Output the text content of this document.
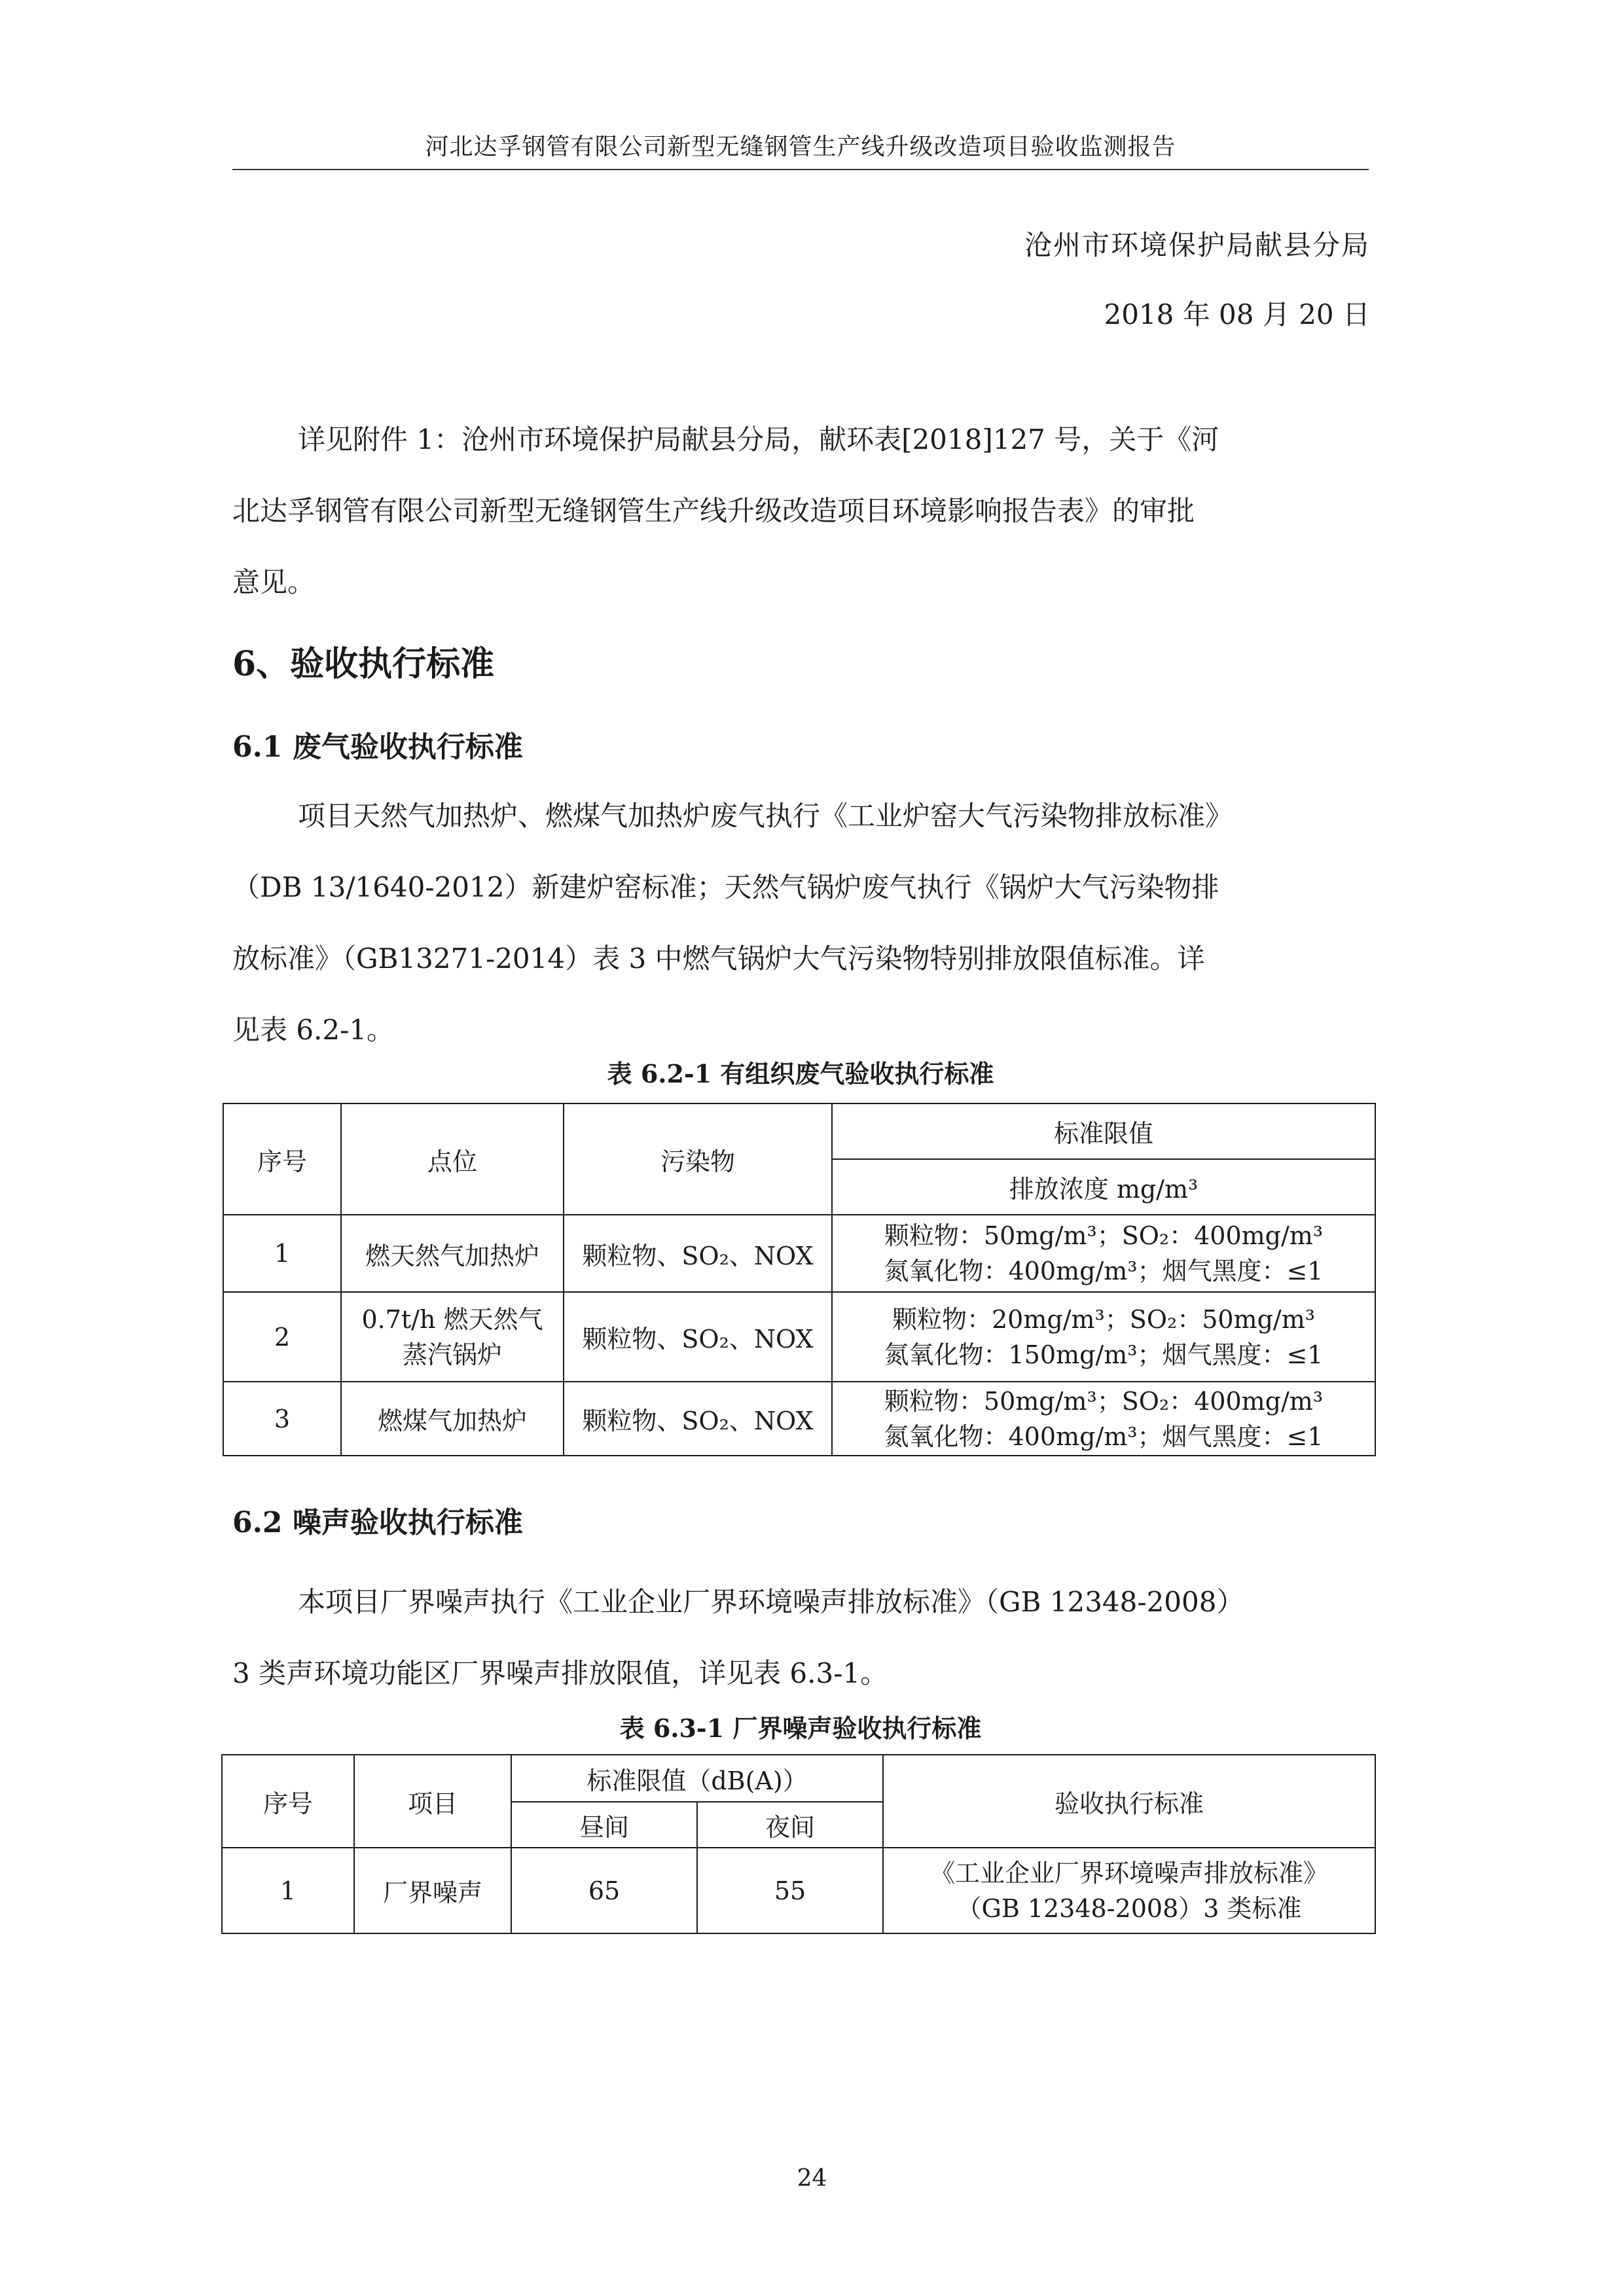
河北达孚钢管有限公司新型无缝钢管生产线升级改造项目验收监测报告
沧州市环境保护局献县分局
2018 年 08 月 20 日
详见附件 1：沧州市环境保护局献县分局，献环表[2018]127 号，关于《河
北达孚钢管有限公司新型无缝钢管生产线升级改造项目环境影响报告表》的审批
意见。
6、验收执行标准
6.1 废气验收执行标准
项目天然气加热炉、燃煤气加热炉废气执行《工业炉窑大气污染物排放标准》
（DB 13/1640-2012）新建炉窑标准；天然气锅炉废气执行《锅炉大气污染物排
放标准》（GB13271-2014）表 3 中燃气锅炉大气污染物特别排放限值标准。详
见表 6.2-1。
表 6.2-1 有组织废气验收执行标准
序号	点位	污染物	标准限值
			排放浓度 mg/m³
1	燃天然气加热炉	颗粒物、SO₂、NOX	颗粒物：50mg/m³；SO₂：400mg/m³
氮氧化物：400mg/m³；烟气黑度：≤1

2	0.7t/h 燃天然气
蒸汽锅炉	颗粒物、SO₂、NOX	颗粒物：20mg/m³；SO₂：50mg/m³
氮氧化物：150mg/m³；烟气黑度：≤1

3	燃煤气加热炉	颗粒物、SO₂、NOX	颗粒物：50mg/m³；SO₂：400mg/m³
氮氧化物：400mg/m³；烟气黑度：≤1
6.2 噪声验收执行标准
本项目厂界噪声执行《工业企业厂界环境噪声排放标准》（GB 12348-2008）
3 类声环境功能区厂界噪声排放限值，详见表 6.3-1。
表 6.3-1 厂界噪声验收执行标准
序号	项目	标准限值（dB(A)）		验收执行标准
		昼间	夜间	
1	厂界噪声	65	55	《工业企业厂界环境噪声排放标准》
（GB 12348-2008）3 类标准
24
